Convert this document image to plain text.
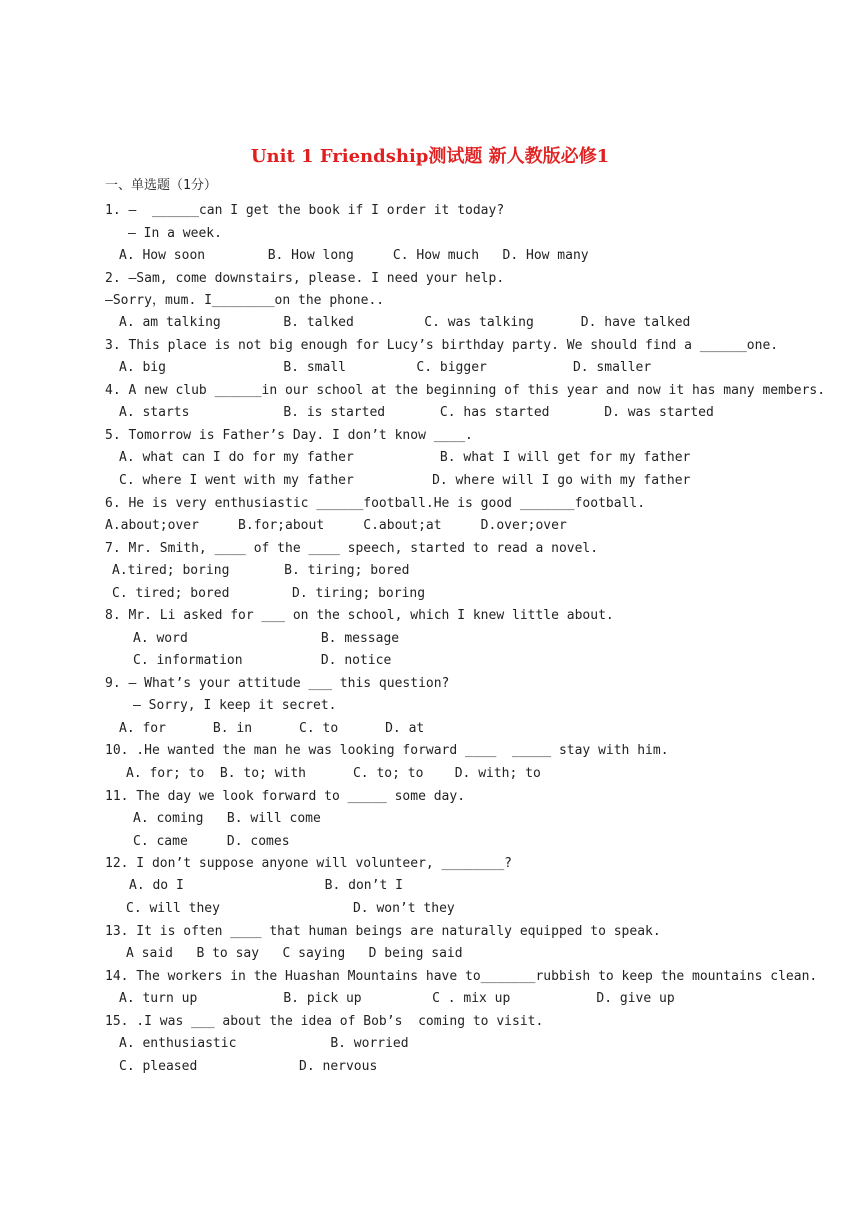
Unit 1 Friendship测试题 新人教版必修1
一、单选题（1分）
1. —  ______can I get the book if I order it today?
— In a week.
A. How soon        B. How long     C. How much   D. How many
2. —Sam, come downstairs, please. I need your help.
—Sorry，mum. I________on the phone..
A. am talking        B. talked         C. was talking      D. have talked
3. This place is not big enough for Lucy’s birthday party. We should find a ______one.
A. big               B. small         C. bigger           D. smaller
4. A new club ______in our school at the beginning of this year and now it has many members.
A. starts            B. is started       C. has started       D. was started
5. Tomorrow is Father’s Day. I don’t know ____.
A. what can I do for my father           B. what I will get for my father
C. where I went with my father          D. where will I go with my father
6. He is very enthusiastic ______football.He is good _______football.
A.about;over     B.for;about     C.about;at     D.over;over
7. Mr. Smith, ____ of the ____ speech, started to read a novel.
A.tired; boring       B. tiring; bored
C. tired; bored        D. tiring; boring
8. Mr. Li asked for ___ on the school, which I knew little about.
A. word                 B. message
C. information          D. notice
9. — What’s your attitude ___ this question?
— Sorry, I keep it secret.
A. for      B. in      C. to      D. at
10. .He wanted the man he was looking forward ____  _____ stay with him.
A. for; to  B. to; with      C. to; to    D. with; to
11. The day we look forward to _____ some day.
A. coming   B. will come
C. came     D. comes
12. I don’t suppose anyone will volunteer, ________?
A. do I                  B. don’t I
C. will they                 D. won’t they
13. It is often ____ that human beings are naturally equipped to speak.
A said   B to say   C saying   D being said
14. The workers in the Huashan Mountains have to_______rubbish to keep the mountains clean.
A. turn up           B. pick up         C . mix up           D. give up
15. .I was ___ about the idea of Bob’s  coming to visit.
A. enthusiastic            B. worried
C. pleased             D. nervous
